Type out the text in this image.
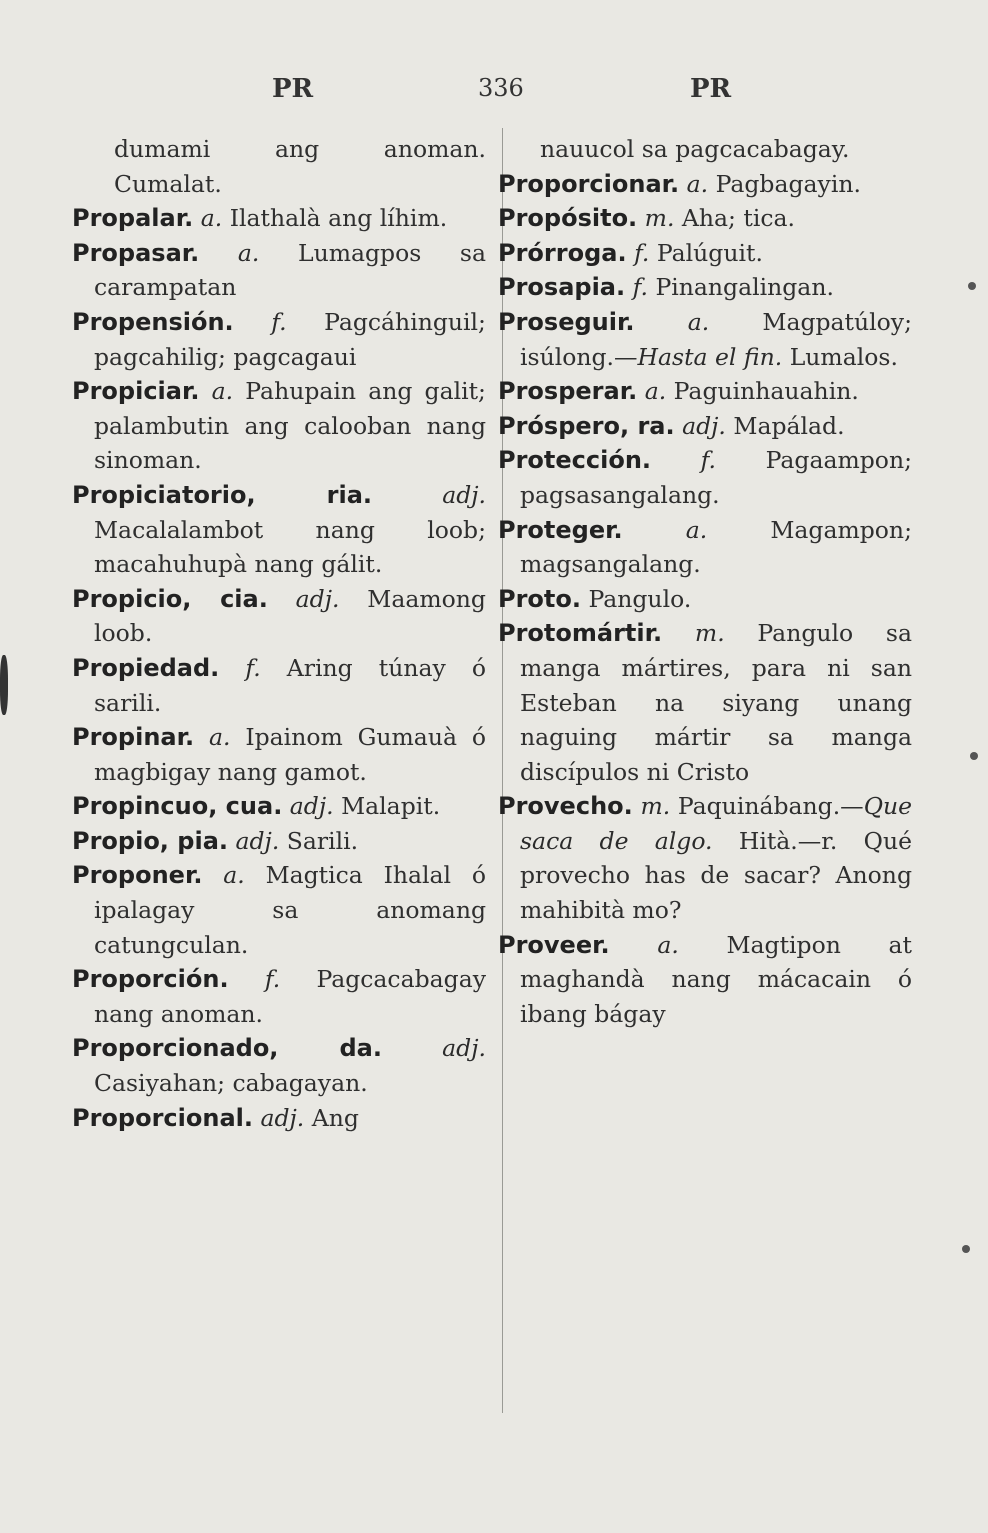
PR	336	PR
dumami ang anoman. Cumalat.
Propalar. a. Ilathalà ang líhim.
Propasar. a. Lumagpos sa carampatan
Propensión. f. Pagcáhinguil; pagcahilig; pagcagaui
Propiciar. a. Pahupain ang galit; palambutin ang calooban nang sinoman.
Propiciatorio, ria.	adj. Macalalambot nang loob; macahuhupà nang gálit.
Propicio, cia. adj. Maamong loob.
Propiedad. f. Aring túnay ó sarili.
Propinar. a. Ipainom Gumauà ó magbigay nang gamot.
Propincuo, cua. adj. Malapit.
Propio, pia. adj. Sarili.
Proponer. a. Magtica Ihalal ó ipalagay sa anomang catungculan.
Proporción. f. Pagcacabagay nang anoman.
Proporcionado, da.	adj. Casiyahan; cabagayan.
Proporcional. adj. Ang
nauucol sa pagcacabagay.
Proporcionar. a. Pagbagayin.
Propósito. m. Aha; tica.
Prórroga. f. Palúguit.
Prosapia. f. Pinangalingan.
Proseguir. a. Magpatúloy; isúlong.—Hasta el fin. Lumalos.
Prosperar. a. Paguinhauahin.
Próspero, ra. adj. Mapálad.
Protección. f. Pagaampon; pagsasangalang.
Proteger.	a.	Magampon; magsangalang.
Proto. Pangulo.
Protomártir. m. Pangulo sa manga mártires, para ni san Esteban na siyang unang naguing mártir sa manga discípulos ni Cristo
Provecho. m. Paquinábang.—Que saca de algo. Hità.—r. Qué provecho has de sacar? Anong mahibità mo?
Proveer. a. Magtipon at maghandà nang mácacain ó ibang bágay
